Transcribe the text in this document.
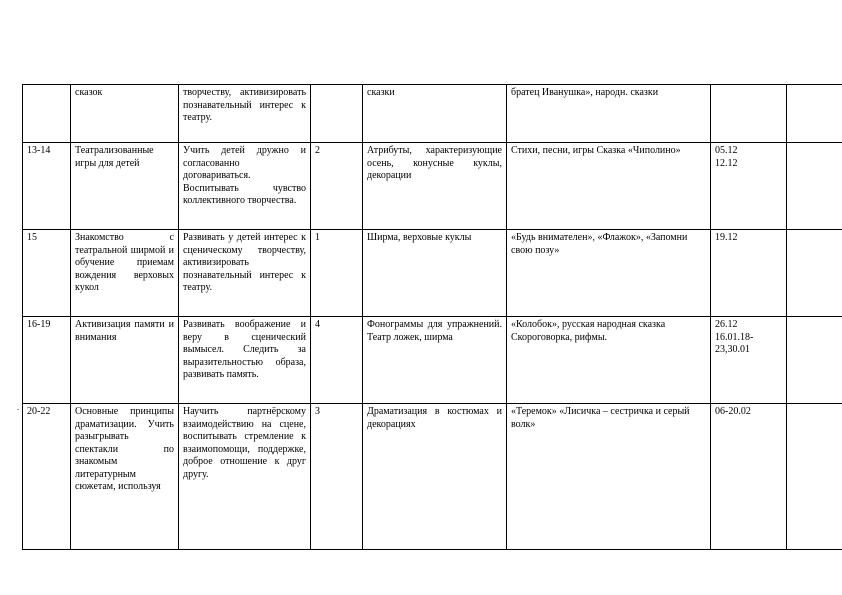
.
	сказок	творчеству, активизировать познавательный интерес к театру.		сказки	братец Иванушка», народн. сказки	

13-14	Театрализованные игры для детей	Учить детей дружно и согласованно договариваться. Воспитывать чувство коллективного творчества.	2	Атрибуты, характеризующие осень, конусные куклы, декорации	Стихи, песни, игры Сказка «Чиполино»	05.12
12.12	

15	Знакомство с театральной ширмой и обучение приемам вождения верховых кукол	Развивать у детей интерес к сценическому творчеству, активизировать познавательный интерес к театру.	1	Ширма, верховые куклы	«Будь внимателен», «Флажок», «Запомни свою позу»	19.12	

16-19	Активизация памяти и внимания	Развивать воображение и веру в сценический вымысел. Следить за выразительностью образа, развивать память.	4	Фонограммы для упражнений. Театр ложек, ширма	«Колобок», русская народная сказка Скороговорка, рифмы.	26.12
16.01.18-
23,30.01	

20-22	Основные принципы драматизации. Учить разыгрывать спектакли по знакомым литературным сюжетам, используя	Научить партнёрскому взаимодействию на сцене, воспитывать стремление к взаимопомощи, поддержке, доброе отношение к друг другу.	3	Драматизация в костюмах и декорациях	«Теремок» «Лисичка – сестричка и серый волк»	06-20.02	
